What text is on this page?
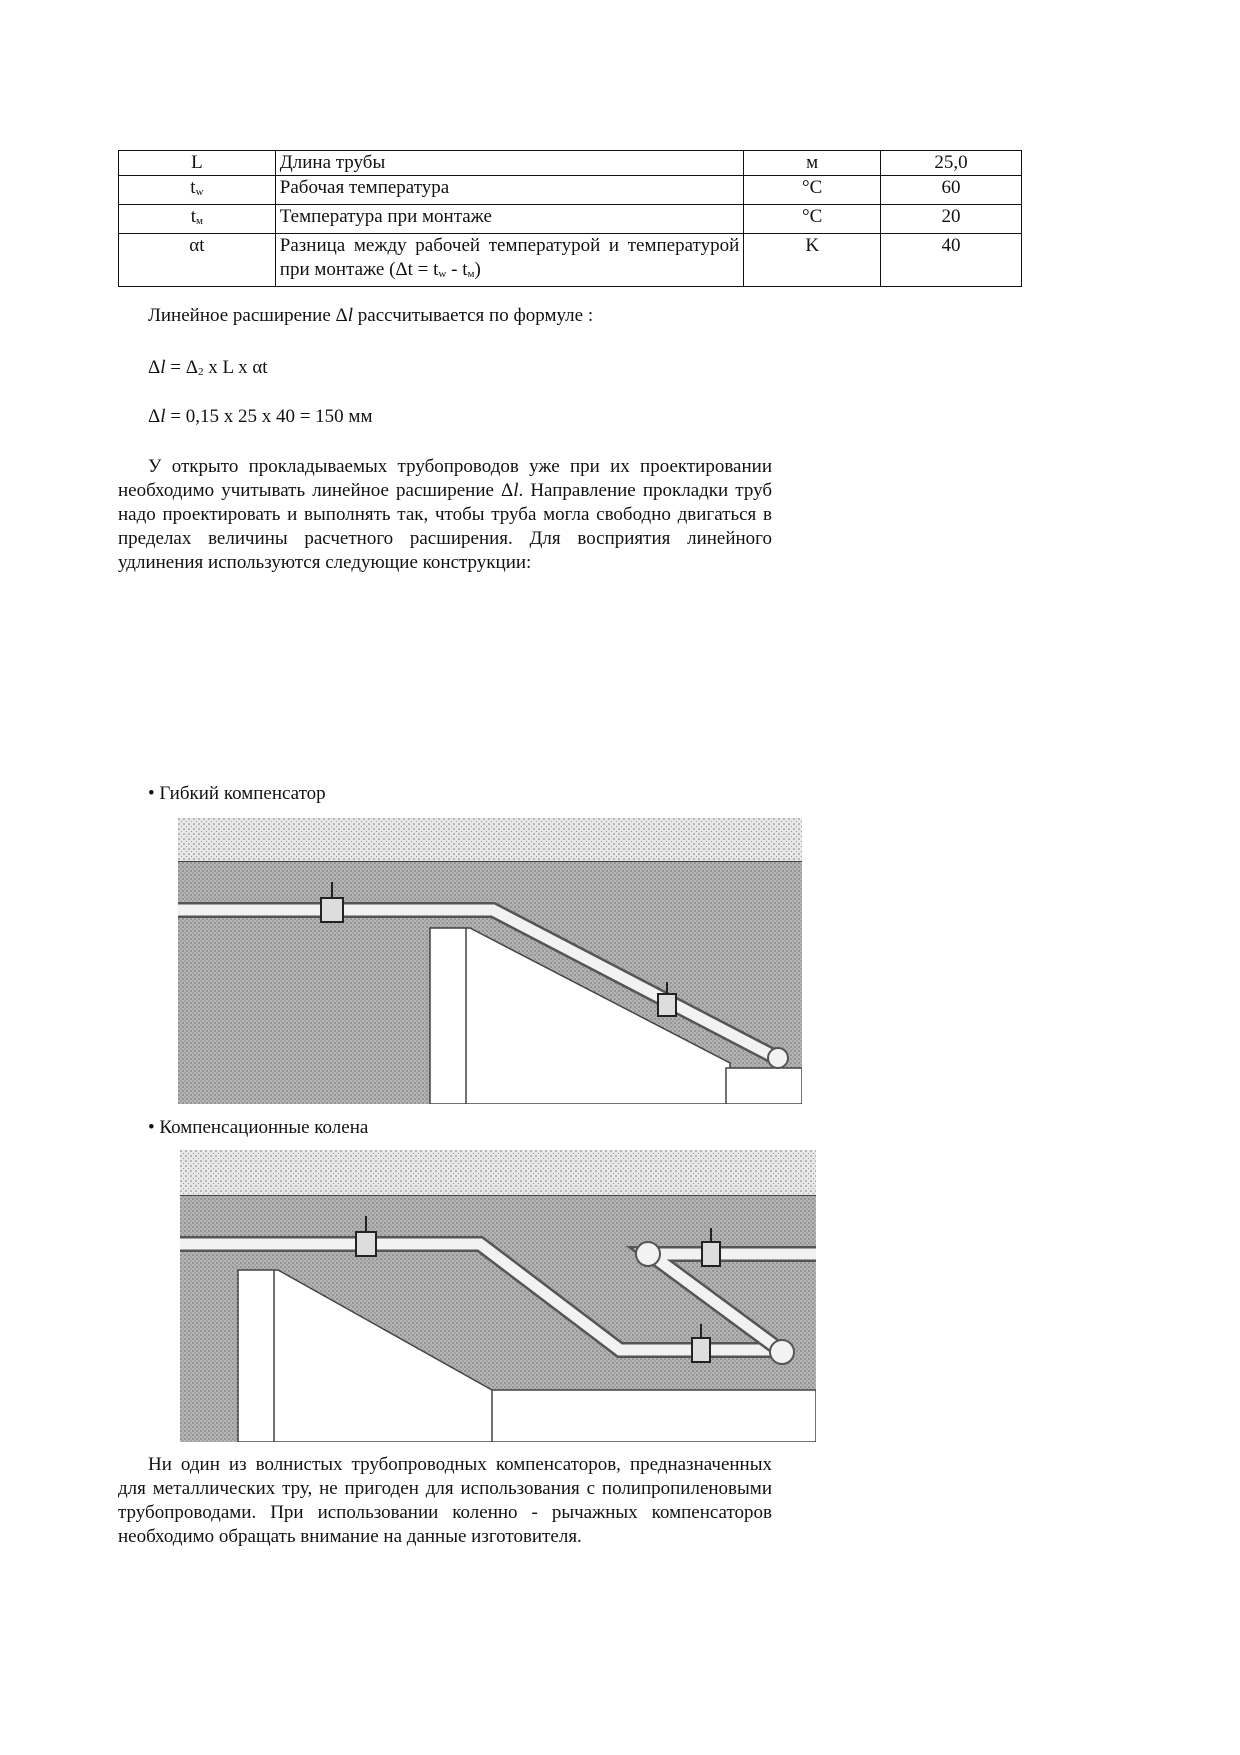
L	Длина трубы	м	25,0
tw	Рабочая температура	°C	60
tм	Температура при монтаже	°C	20
αt	Разница между рабочей температурой и температурой при монтаже (Δt = tw - tм)	K	40
Линейное расширение Δl рассчитывается по формуле :
Δl = Δ2 x L x αt
Δl = 0,15 x 25 x 40 = 150 мм
У открыто прокладываемых трубопроводов уже при их проектировании необходимо учитывать линейное расширение Δl. Направление прокладки труб надо проектировать и выполнять так, чтобы труба могла свободно двигаться в пределах величины расчетного расширения. Для восприятия линейного удлинения используются следующие конструкции:
• Гибкий компенсатор
• Компенсационные колена
Ни один из волнистых трубопроводных компенсаторов, предназначенных для металлических тру, не пригоден для использования с полипропиленовыми трубопроводами. При использовании коленно - рычажных компенсаторов необходимо обращать внимание на данные изготовителя.
